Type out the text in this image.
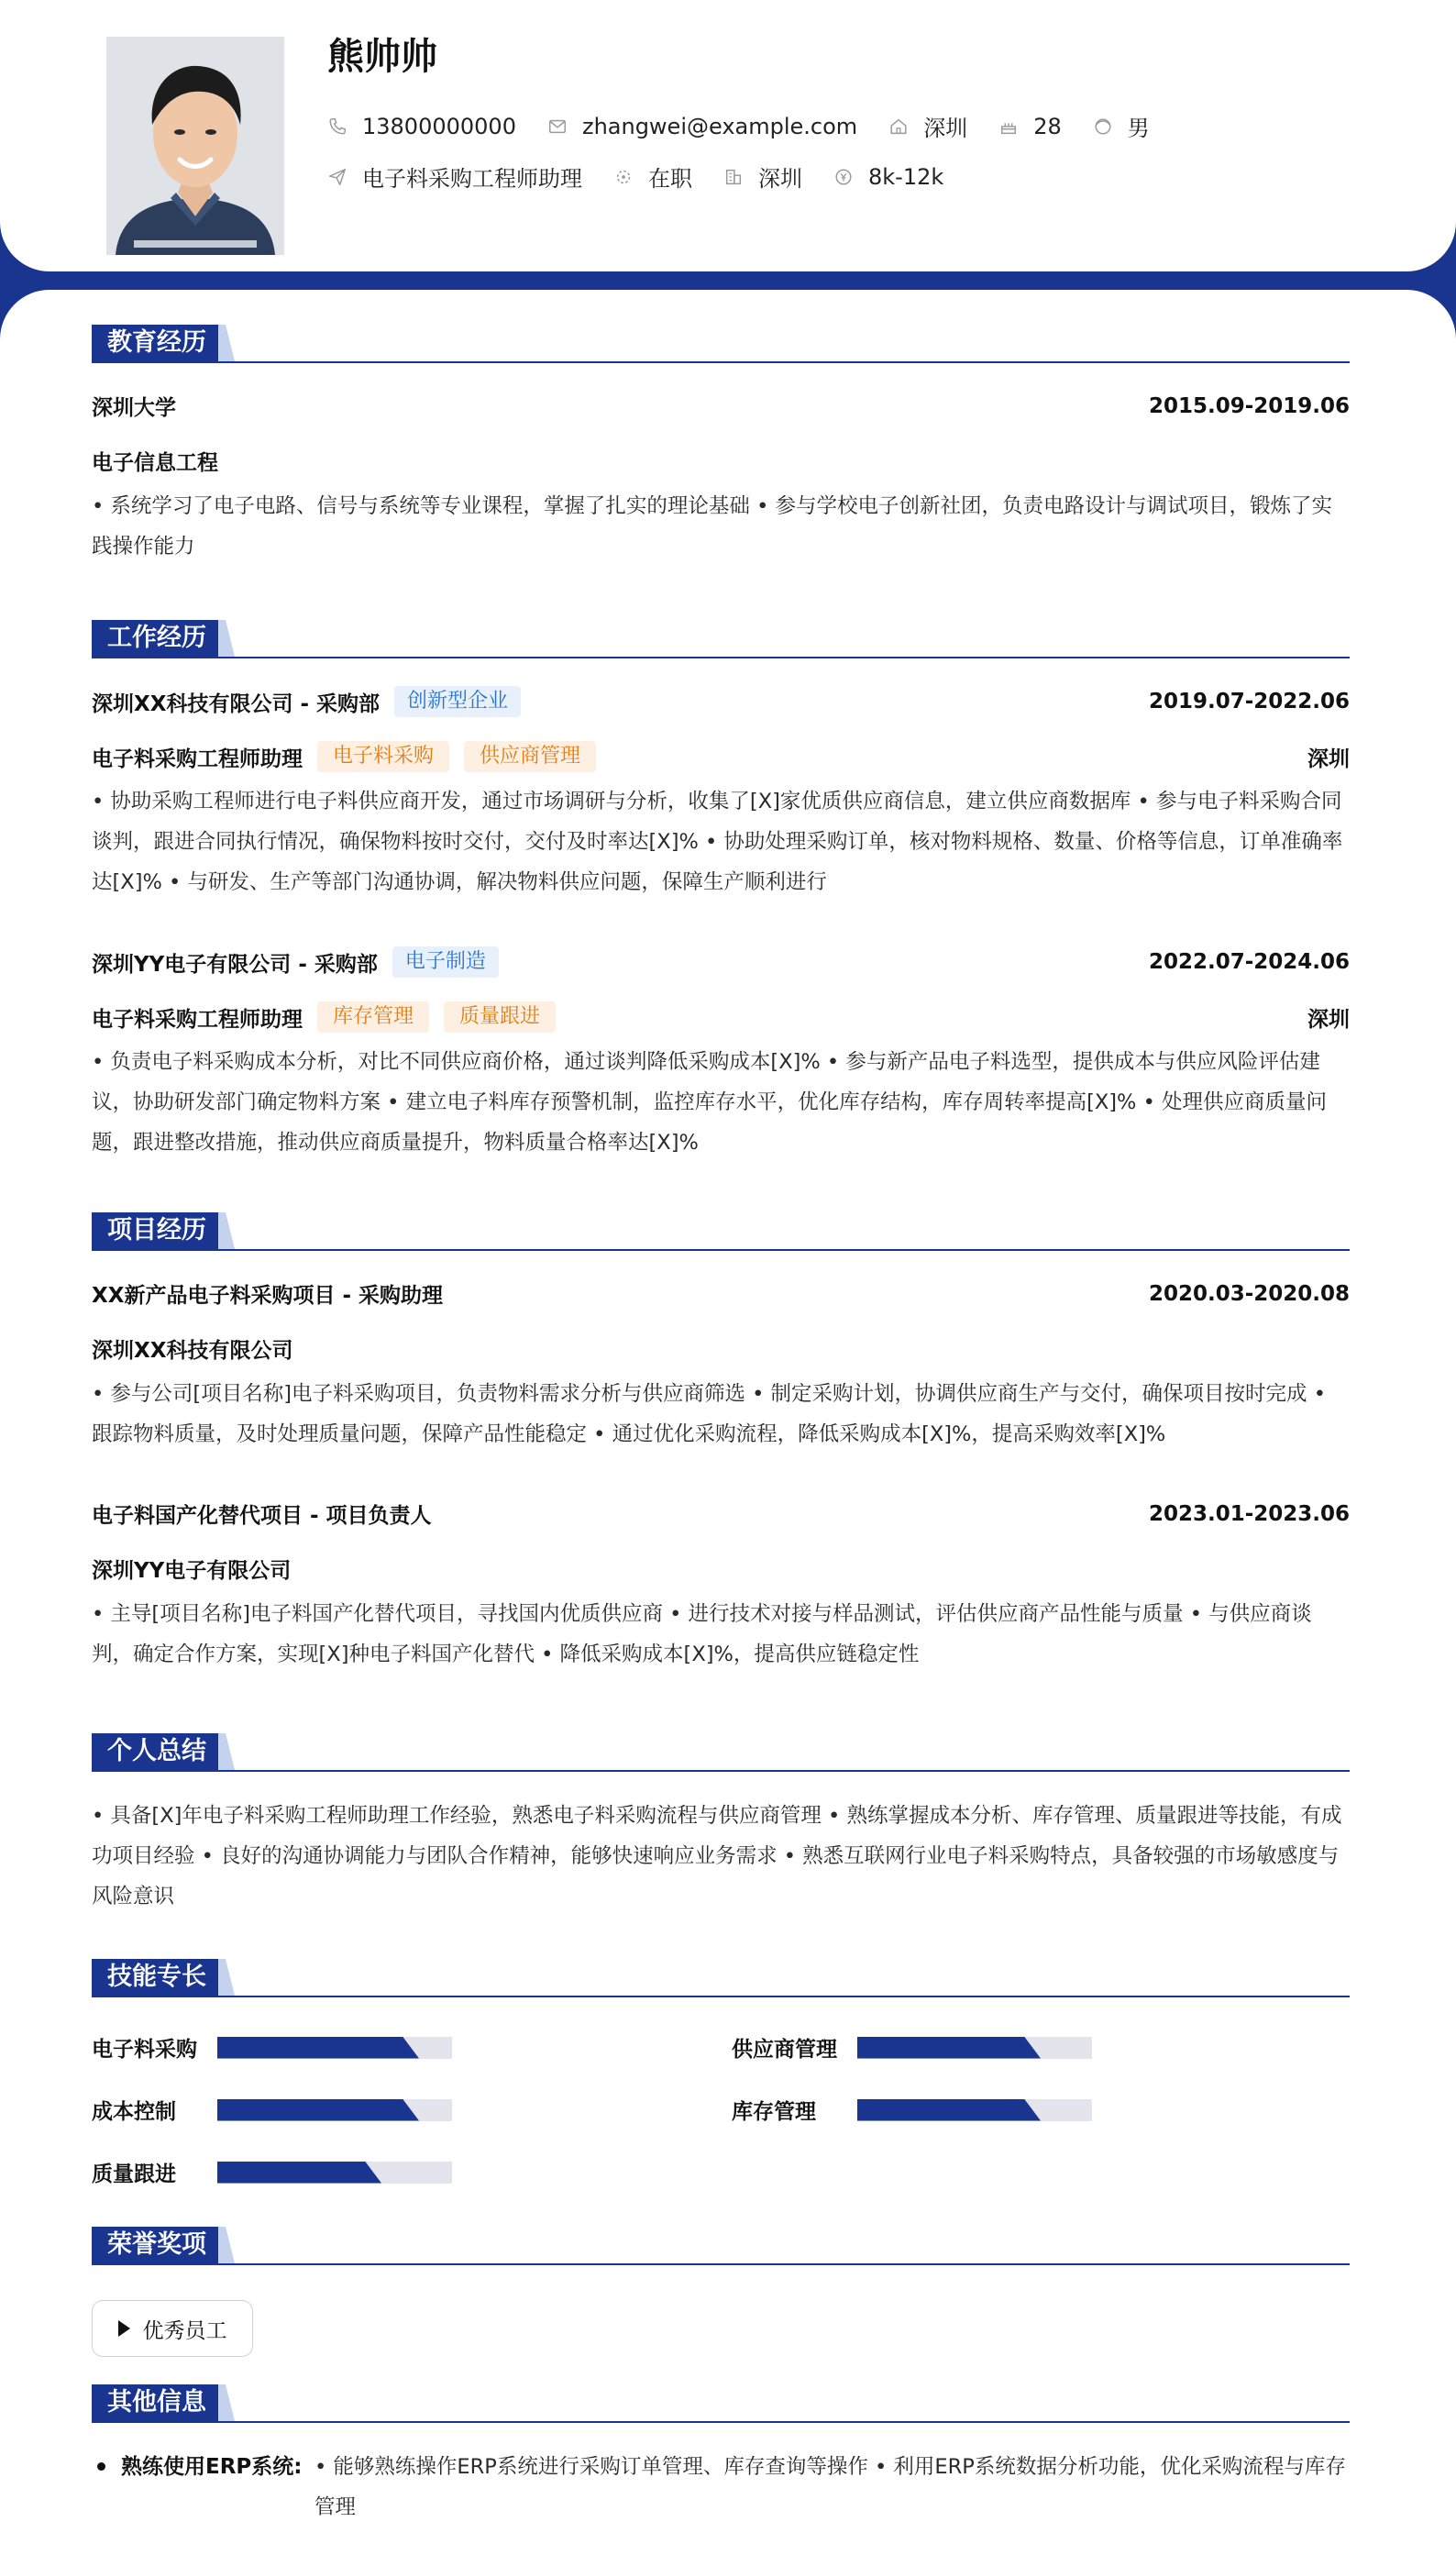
熊帅帅
13800000000	zhangwei@example.com	深圳	28	男
电子料采购工程师助理	在职	深圳	8k-12k
教育经历
深圳大学	2015.09-2019.06
电子信息工程
• 系统学习了电子电路、信号与系统等专业课程，掌握了扎实的理论基础 • 参与学校电子创新社团，负责电路设计与调试项目，锻炼了实践操作能力
工作经历
深圳XX科技有限公司 - 采购部	创新型企业	2019.07-2022.06
电子料采购工程师助理	电子料采购	供应商管理	深圳
• 协助采购工程师进行电子料供应商开发，通过市场调研与分析，收集了[X]家优质供应商信息，建立供应商数据库 • 参与电子料采购合同谈判，跟进合同执行情况，确保物料按时交付，交付及时率达[X]% • 协助处理采购订单，核对物料规格、数量、价格等信息，订单准确率达[X]% • 与研发、生产等部门沟通协调，解决物料供应问题，保障生产顺利进行
深圳YY电子有限公司 - 采购部	电子制造	2022.07-2024.06
电子料采购工程师助理	库存管理	质量跟进	深圳
• 负责电子料采购成本分析，对比不同供应商价格，通过谈判降低采购成本[X]% • 参与新产品电子料选型，提供成本与供应风险评估建议，协助研发部门确定物料方案 • 建立电子料库存预警机制，监控库存水平，优化库存结构，库存周转率提高[X]% • 处理供应商质量问题，跟进整改措施，推动供应商质量提升，物料质量合格率达[X]%
项目经历
XX新产品电子料采购项目 - 采购助理	2020.03-2020.08
深圳XX科技有限公司
• 参与公司[项目名称]电子料采购项目，负责物料需求分析与供应商筛选 • 制定采购计划，协调供应商生产与交付，确保项目按时完成 • 跟踪物料质量，及时处理质量问题，保障产品性能稳定 • 通过优化采购流程，降低采购成本[X]%，提高采购效率[X]%
电子料国产化替代项目 - 项目负责人	2023.01-2023.06
深圳YY电子有限公司
• 主导[项目名称]电子料国产化替代项目，寻找国内优质供应商 • 进行技术对接与样品测试，评估供应商产品性能与质量 • 与供应商谈判，确定合作方案，实现[X]种电子料国产化替代 • 降低采购成本[X]%，提高供应链稳定性
个人总结
• 具备[X]年电子料采购工程师助理工作经验，熟悉电子料采购流程与供应商管理 • 熟练掌握成本分析、库存管理、质量跟进等技能，有成功项目经验 • 良好的沟通协调能力与团队合作精神，能够快速响应业务需求 • 熟悉互联网行业电子料采购特点，具备较强的市场敏感度与风险意识
技能专长
电子料采购	供应商管理
成本控制	库存管理
质量跟进
荣誉奖项
优秀员工
其他信息
熟练使用ERP系统: • 能够熟练操作ERP系统进行采购订单管理、库存查询等操作 • 利用ERP系统数据分析功能，优化采购流程与库存管理
